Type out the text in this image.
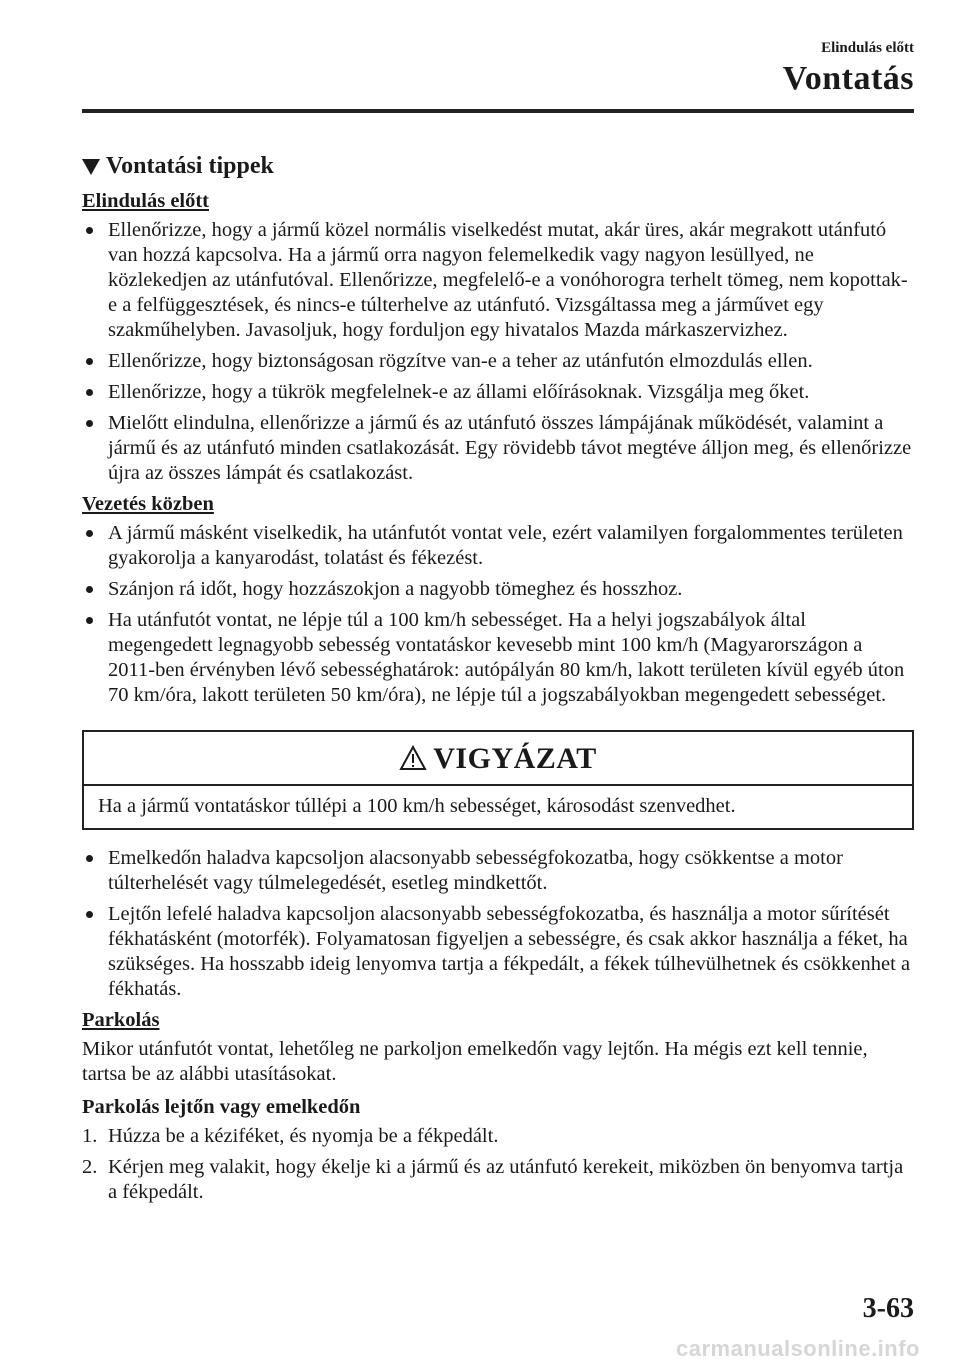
Elindulás előtt
Vontatás
Vontatási tippek
Elindulás előtt
Ellenőrizze, hogy a jármű közel normális viselkedést mutat, akár üres, akár megrakott utánfutó van hozzá kapcsolva. Ha a jármű orra nagyon felemelkedik vagy nagyon lesüllyed, ne közlekedjen az utánfutóval. Ellenőrizze, megfelelő-e a vonóhorogra terhelt tömeg, nem kopottak-e a felfüggesztések, és nincs-e túlterhelve az utánfutó. Vizsgáltassa meg a járművet egy szakműhelyben. Javasoljuk, hogy forduljon egy hivatalos Mazda márkaszervizhez.
Ellenőrizze, hogy biztonságosan rögzítve van-e a teher az utánfutón elmozdulás ellen.
Ellenőrizze, hogy a tükrök megfelelnek-e az állami előírásoknak. Vizsgálja meg őket.
Mielőtt elindulna, ellenőrizze a jármű és az utánfutó összes lámpájának működését, valamint a jármű és az utánfutó minden csatlakozását. Egy rövidebb távot megtéve álljon meg, és ellenőrizze újra az összes lámpát és csatlakozást.
Vezetés közben
A jármű másként viselkedik, ha utánfutót vontat vele, ezért valamilyen forgalommentes területen gyakorolja a kanyarodást, tolatást és fékezést.
Szánjon rá időt, hogy hozzászokjon a nagyobb tömeghez és hosszhoz.
Ha utánfutót vontat, ne lépje túl a 100 km/h sebességet. Ha a helyi jogszabályok által megengedett legnagyobb sebesség vontatáskor kevesebb mint 100 km/h (Magyarországon a 2011-ben érvényben lévő sebességhatárok: autópályán 80 km/h, lakott területen kívül egyéb úton 70 km/óra, lakott területen 50 km/óra), ne lépje túl a jogszabályokban megengedett sebességet.
VIGYÁZAT
Ha a jármű vontatáskor túllépi a 100 km/h sebességet, károsodást szenvedhet.
Emelkedőn haladva kapcsoljon alacsonyabb sebességfokozatba, hogy csökkentse a motor túlterhelését vagy túlmelegedését, esetleg mindkettőt.
Lejtőn lefelé haladva kapcsoljon alacsonyabb sebességfokozatba, és használja a motor sűrítését fékhatásként (motorfék). Folyamatosan figyeljen a sebességre, és csak akkor használja a féket, ha szükséges. Ha hosszabb ideig lenyomva tartja a fékpedált, a fékek túlhevülhetnek és csökkenhet a fékhatás.
Parkolás
Mikor utánfutót vontat, lehetőleg ne parkoljon emelkedőn vagy lejtőn. Ha mégis ezt kell tennie, tartsa be az alábbi utasításokat.
Parkolás lejtőn vagy emelkedőn
1. Húzza be a kéziféket, és nyomja be a fékpedált.
2. Kérjen meg valakit, hogy ékelje ki a jármű és az utánfutó kerekeit, miközben ön benyomva tartja a fékpedált.
3-63
carmanualsonline.info
